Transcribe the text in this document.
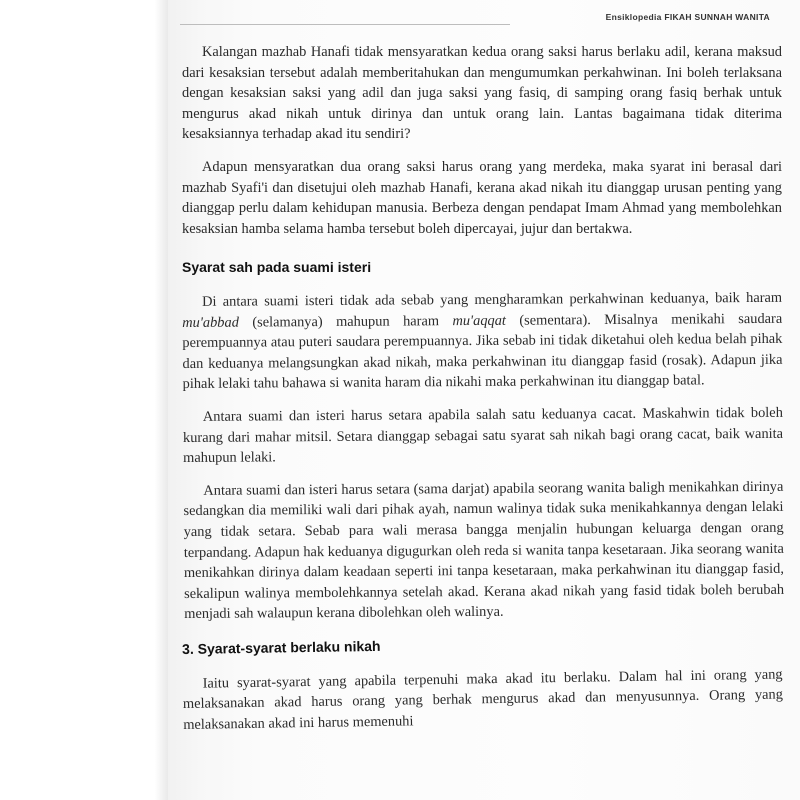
Ensiklopedia FIKAH SUNNAH WANITA

Kalangan mazhab Hanafi tidak mensyaratkan kedua orang saksi harus berlaku adil, kerana maksud dari kesaksian tersebut adalah memberitahukan dan mengumumkan perkahwinan. Ini boleh terlaksana dengan kesaksian saksi yang adil dan juga saksi yang fasiq, di samping orang fasiq berhak untuk mengurus akad nikah untuk dirinya dan untuk orang lain. Lantas bagaimana tidak diterima kesaksiannya terhadap akad itu sendiri?

Adapun mensyaratkan dua orang saksi harus orang yang merdeka, maka syarat ini berasal dari mazhab Syafi'i dan disetujui oleh mazhab Hanafi, kerana akad nikah itu dianggap urusan penting yang dianggap perlu dalam kehidupan manusia. Berbeza dengan pendapat Imam Ahmad yang membolehkan kesaksian hamba selama hamba tersebut boleh dipercayai, jujur dan bertakwa.

Syarat sah pada suami isteri

Di antara suami isteri tidak ada sebab yang mengharamkan perkahwinan keduanya, baik haram mu'abbad (selamanya) mahupun haram mu'aqqat (sementara). Misalnya menikahi saudara perempuannya atau puteri saudara perempuannya. Jika sebab ini tidak diketahui oleh kedua belah pihak dan keduanya melangsungkan akad nikah, maka perkahwinan itu dianggap fasid (rosak). Adapun jika pihak lelaki tahu bahawa si wanita haram dia nikahi maka perkahwinan itu dianggap batal.

Antara suami dan isteri harus setara apabila salah satu keduanya cacat. Maskahwin tidak boleh kurang dari mahar mitsil. Setara dianggap sebagai satu syarat sah nikah bagi orang cacat, baik wanita mahupun lelaki.

Antara suami dan isteri harus setara (sama darjat) apabila seorang wanita baligh menikahkan dirinya sedangkan dia memiliki wali dari pihak ayah, namun walinya tidak suka menikahkannya dengan lelaki yang tidak setara. Sebab para wali merasa bangga menjalin hubungan keluarga dengan orang terpandang. Adapun hak keduanya digugurkan oleh reda si wanita tanpa kesetaraan. Jika seorang wanita menikahkan dirinya dalam keadaan seperti ini tanpa kesetaraan, maka perkahwinan itu dianggap fasid, sekalipun walinya membolehkannya setelah akad. Kerana akad nikah yang fasid tidak boleh berubah menjadi sah walaupun kerana dibolehkan oleh walinya.

3. Syarat-syarat berlaku nikah

Iaitu syarat-syarat yang apabila terpenuhi maka akad itu berlaku. Dalam hal ini orang yang melaksanakan akad harus orang yang berhak mengurus akad dan menyusunnya. Orang yang melaksanakan akad ini harus memenuhi
